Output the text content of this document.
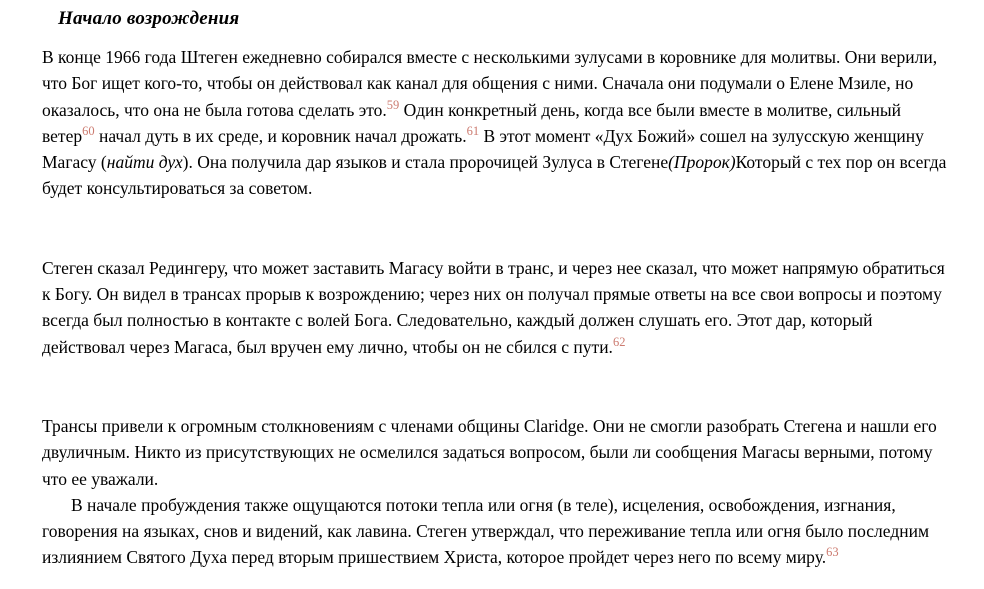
Начало возрождения

В конце 1966 года Штеген ежедневно собирался вместе с несколькими зулусами в коровнике для молитвы. Они верили, что Бог ищет кого-то, чтобы он действовал как канал для общения с ними. Сначала они подумали о Елене Мзиле, но оказалось, что она не была готова сделать это.$^{59}$ Один конкретный день, когда все были вместе в молитве, сильный ветер$^{60}$ начал дуть в их среде, и коровник начал дрожать.$^{61}$ В этот момент «Дух Божий» сошел на зулусскую женщину Магасу (найти дух). Она получила дар языков и стала пророчицей Зулуса в Стегене(Пророк)Который с тех пор он всегда будет консультироваться за советом.

Стеген сказал Редингеру, что может заставить Магасу войти в транс, и через нее сказал, что может напрямую обратиться к Богу. Он видел в трансах прорыв к возрождению; через них он получал прямые ответы на все свои вопросы и поэтому всегда был полностью в контакте с волей Бога. Следовательно, каждый должен слушать его. Этот дар, который действовал через Магаса, был вручен ему лично, чтобы он не сбился с пути.$^{62}$

Трансы привели к огромным столкновениям с членами общины Claridge. Они не смогли разобрать Стегена и нашли его двуличным. Никто из присутствующих не осмелился задаться вопросом, были ли сообщения Магасы верными, потому что ее уважали.

В начале пробуждения также ощущаются потоки тепла или огня (в теле), исцеления, освобождения, изгнания, говорения на языках, снов и видений, как лавина. Стеген утверждал, что переживание тепла или огня было последним излиянием Святого Духа перед вторым пришествием Христа, которое пройдет через него по всему миру.$^{63}$
